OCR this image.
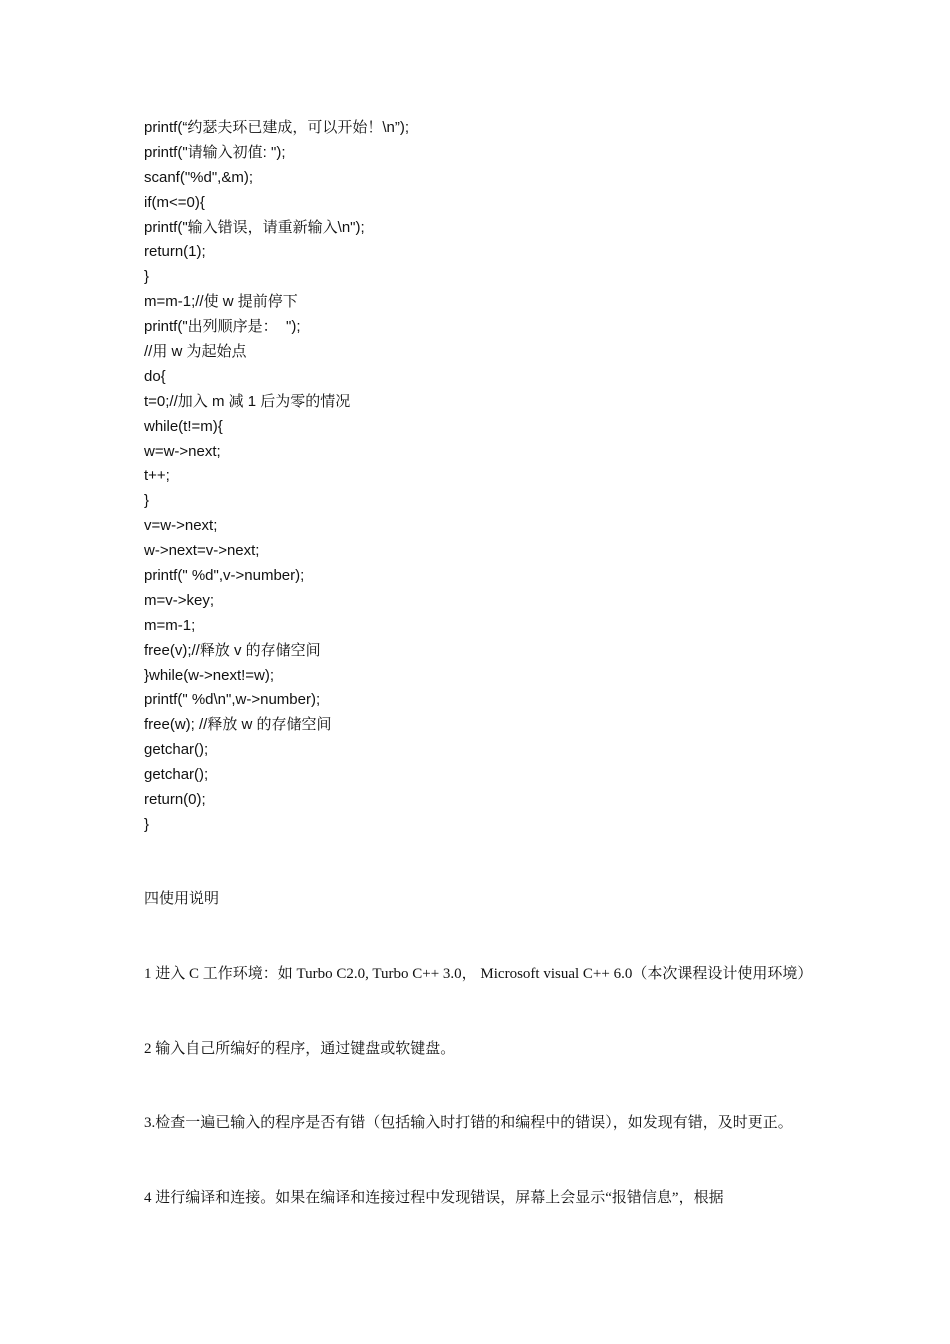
printf(“约瑟夫环已建成，可以开始！\n”);
printf("请输入初值: ");
scanf("%d",&m);
if(m<=0){
printf("输入错误，请重新输入\n");
return(1);
}
m=m-1;//使 w 提前停下
printf("出列顺序是：  ");
//用 w 为起始点
do{
t=0;//加入 m 减 1 后为零的情况
while(t!=m){
w=w->next;
t++;
}
v=w->next;
w->next=v->next;
printf(" %d",v->number);
m=v->key;
m=m-1;
free(v);//释放 v 的存储空间
}while(w->next!=w);
printf(" %d\n",w->number);
free(w); //释放 w 的存储空间
getchar();
getchar();
return(0);
}
四使用说明
1 进入 C 工作环境：如 Turbo C2.0, Turbo C++ 3.0， Microsoft visual C++ 6.0（本次课程设计使用环境）
2 输入自己所编好的程序，通过键盘或软键盘。
3.检查一遍已输入的程序是否有错（包括输入时打错的和编程中的错误），如发现有错，及时更正。
4 进行编译和连接。如果在编译和连接过程中发现错误，屏幕上会显示“报错信息”，根据
